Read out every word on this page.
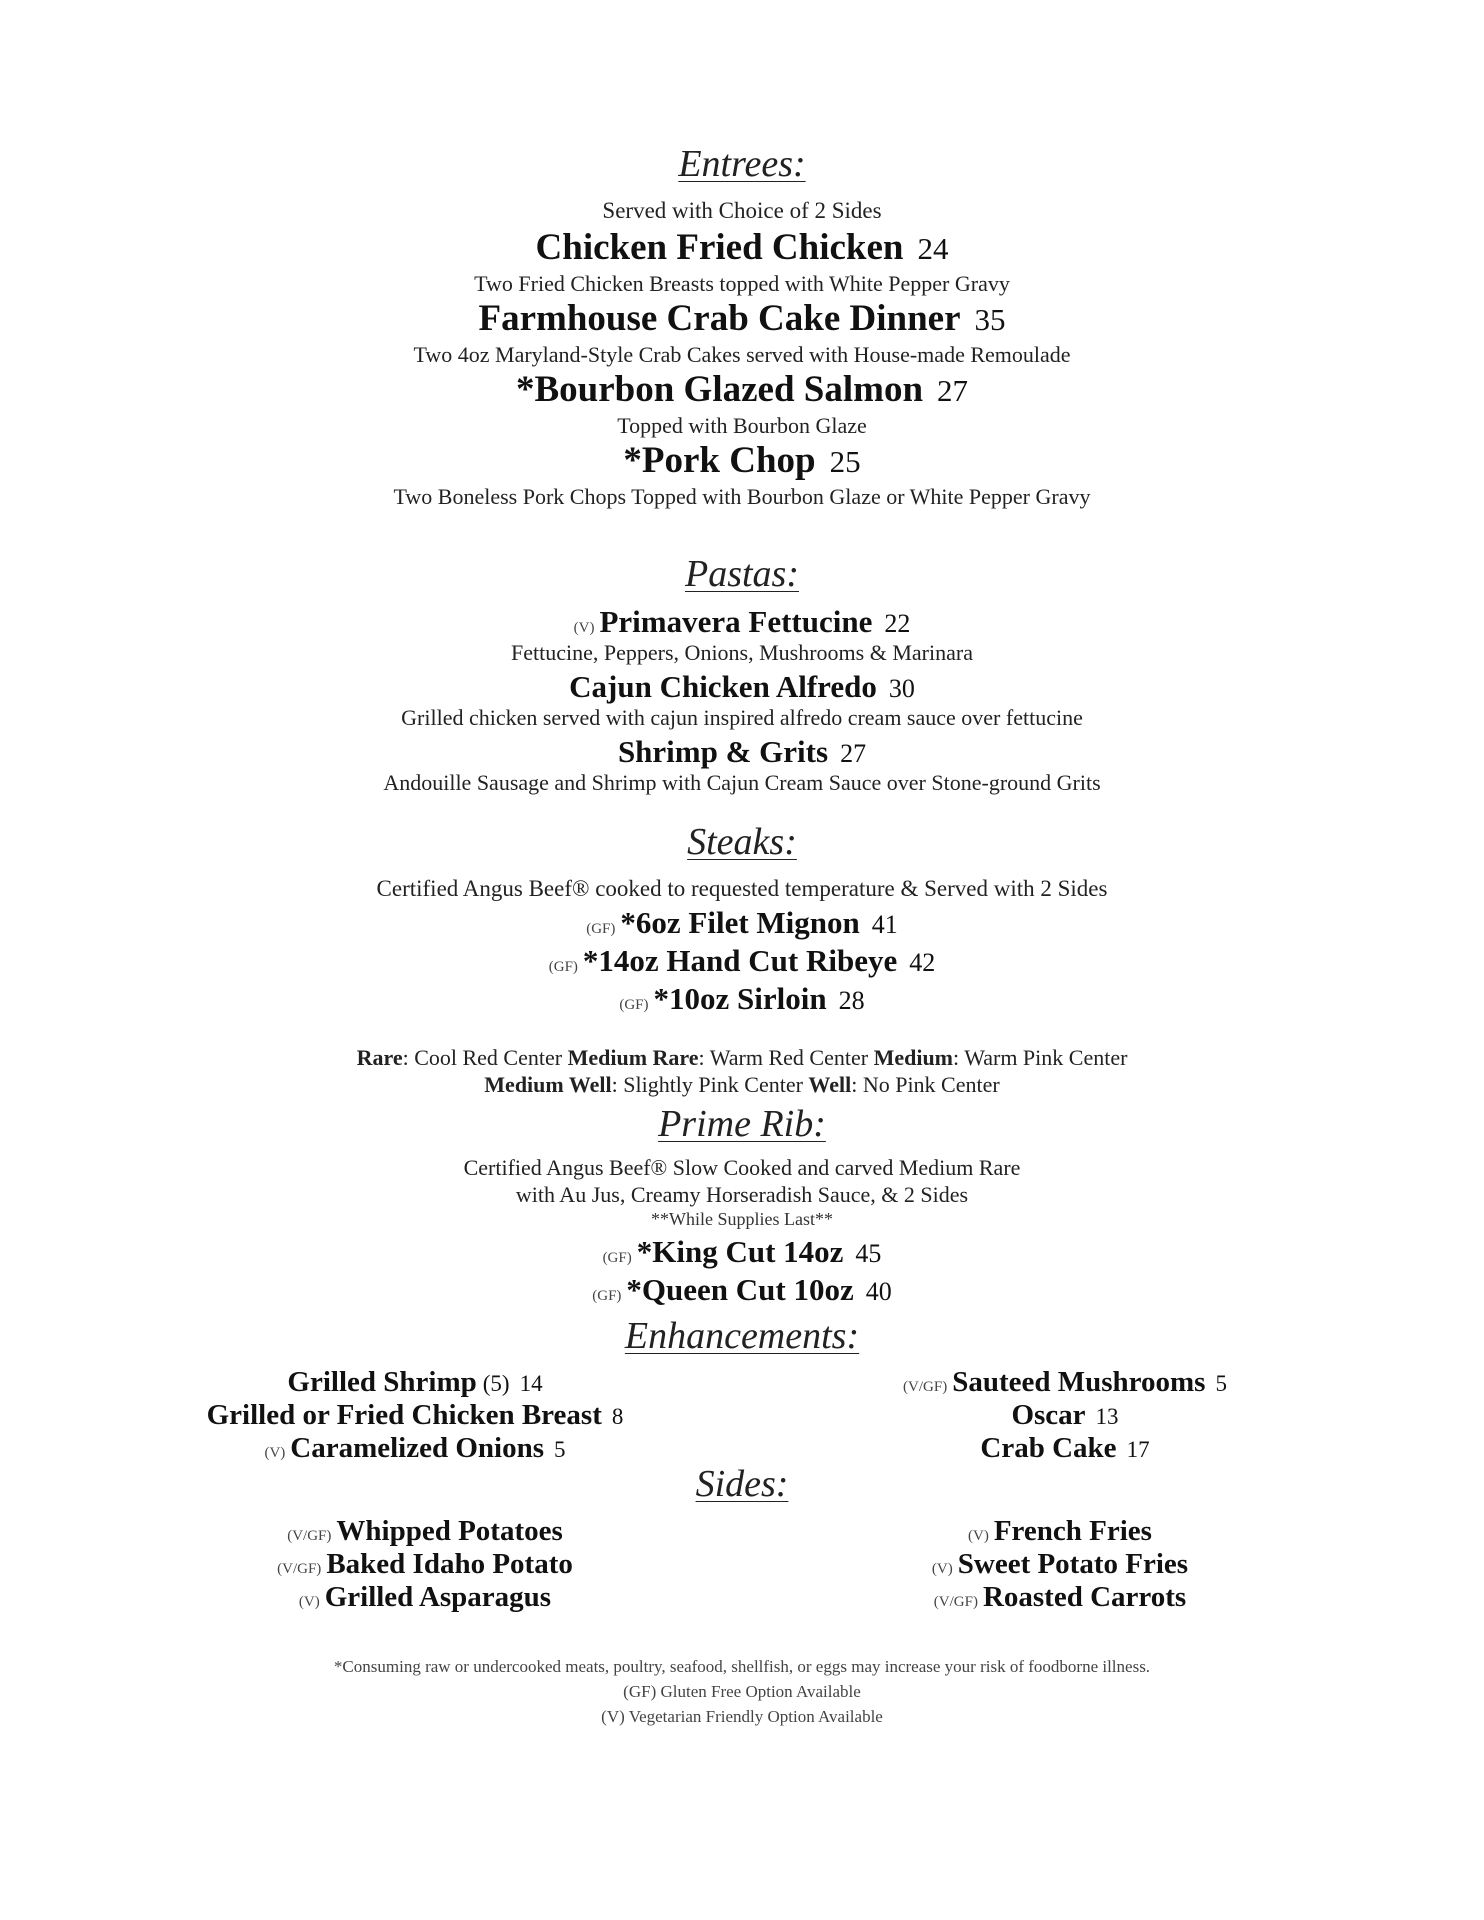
Entrees:
Served with Choice of 2 Sides
Chicken Fried Chicken 24
Two Fried Chicken Breasts topped with White Pepper Gravy
Farmhouse Crab Cake Dinner 35
Two 4oz Maryland-Style Crab Cakes served with House-made Remoulade
*Bourbon Glazed Salmon 27
Topped with Bourbon Glaze
*Pork Chop 25
Two Boneless Pork Chops Topped with Bourbon Glaze or White Pepper Gravy
Pastas:
(V) Primavera Fettucine 22
Fettucine, Peppers, Onions, Mushrooms & Marinara
Cajun Chicken Alfredo 30
Grilled chicken served with cajun inspired alfredo cream sauce over fettucine
Shrimp & Grits 27
Andouille Sausage and Shrimp with Cajun Cream Sauce over Stone-ground Grits
Steaks:
Certified Angus Beef® cooked to requested temperature & Served with 2 Sides
(GF) *6oz Filet Mignon 41
(GF) *14oz Hand Cut Ribeye 42
(GF) *10oz Sirloin 28
Rare: Cool Red Center Medium Rare: Warm Red Center Medium: Warm Pink Center
Medium Well: Slightly Pink Center Well: No Pink Center
Prime Rib:
Certified Angus Beef® Slow Cooked and carved Medium Rare
with Au Jus, Creamy Horseradish Sauce, & 2 Sides
**While Supplies Last**
(GF) *King Cut 14oz 45
(GF) *Queen Cut 10oz 40
Enhancements:
Grilled Shrimp (5) 14
Grilled or Fried Chicken Breast 8
(V) Caramelized Onions 5
(V/GF) Sauteed Mushrooms 5
Oscar 13
Crab Cake 17
Sides:
(V/GF) Whipped Potatoes
(V/GF) Baked Idaho Potato
(V) Grilled Asparagus
(V) French Fries
(V) Sweet Potato Fries
(V/GF) Roasted Carrots
*Consuming raw or undercooked meats, poultry, seafood, shellfish, or eggs may increase your risk of foodborne illness.
(GF) Gluten Free Option Available
(V) Vegetarian Friendly Option Available
